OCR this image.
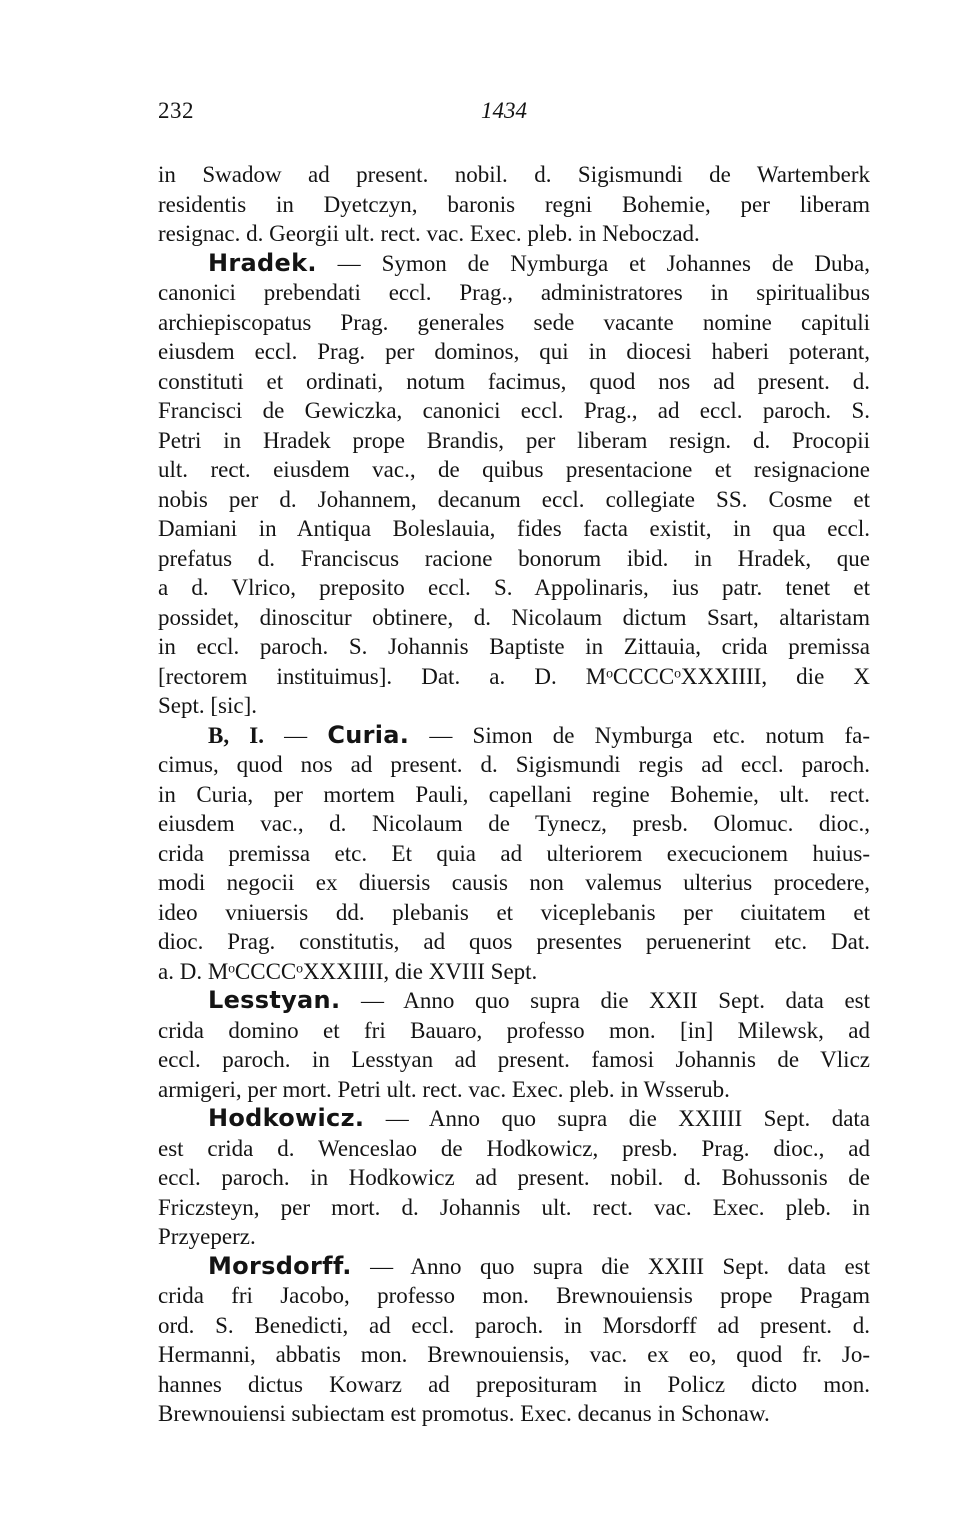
232	1434
in Swadow ad present. nobil. d. Sigismundi de Wartemberk
residentis in Dyetczyn, baronis regni Bohemie, per liberam
resignac. d. Georgii ult. rect. vac. Exec. pleb. in Neboczad.
Hradek. — Symon de Nymburga et Johannes de Duba,
canonici prebendati eccl. Prag., administratores in spiritualibus
archiepiscopatus Prag. generales sede vacante nomine capituli
eiusdem eccl. Prag. per dominos, qui in diocesi haberi poterant,
constituti et ordinati, notum facimus, quod nos ad present. d.
Francisci de Gewiczka, canonici eccl. Prag., ad eccl. paroch. S.
Petri in Hradek prope Brandis, per liberam resign. d. Procopii
ult. rect. eiusdem vac., de quibus presentacione et resignacione
nobis per d. Johannem, decanum eccl. collegiate SS. Cosme et
Damiani in Antiqua Boleslauia, fides facta existit, in qua eccl.
prefatus d. Franciscus racione bonorum ibid. in Hradek, que
a d. Vlrico, preposito eccl. S. Appolinaris, ius patr. tenet et
possidet, dinoscitur obtinere, d. Nicolaum dictum Ssart, altaristam
in eccl. paroch. S. Johannis Baptiste in Zittauia, crida premissa
[rectorem instituimus]. Dat. a. D. MᵒCCCCᵒXXXIIII, die X
Sept. [sic].
B, I. — Curia. — Simon de Nymburga etc. notum fa-
cimus, quod nos ad present. d. Sigismundi regis ad eccl. paroch.
in Curia, per mortem Pauli, capellani regine Bohemie, ult. rect.
eiusdem vac., d. Nicolaum de Tynecz, presb. Olomuc. dioc.,
crida premissa etc. Et quia ad ulteriorem execucionem huius-
modi negocii ex diuersis causis non valemus ulterius procedere,
ideo vniuersis dd. plebanis et viceplebanis per ciuitatem et
dioc. Prag. constitutis, ad quos presentes peruenerint etc. Dat.
a. D. MᵒCCCCᵒXXXIIII, die XVIII Sept.
Lesstyan. — Anno quo supra die XXII Sept. data est
crida domino et fri Bauaro, professo mon. [in] Milewsk, ad
eccl. paroch. in Lesstyan ad present. famosi Johannis de Vlicz
armigeri, per mort. Petri ult. rect. vac. Exec. pleb. in Wsserub.
Hodkowicz. — Anno quo supra die XXIIII Sept. data
est crida d. Wenceslao de Hodkowicz, presb. Prag. dioc., ad
eccl. paroch. in Hodkowicz ad present. nobil. d. Bohussonis de
Friczsteyn, per mort. d. Johannis ult. rect. vac. Exec. pleb. in
Przyeperz.
Morsdorff. — Anno quo supra die XXIII Sept. data est
crida fri Jacobo, professo mon. Brewnouiensis prope Pragam
ord. S. Benedicti, ad eccl. paroch. in Morsdorff ad present. d.
Hermanni, abbatis mon. Brewnouiensis, vac. ex eo, quod fr. Jo-
hannes dictus Kowarz ad preposituram in Policz dicto mon.
Brewnouiensi subiectam est promotus. Exec. decanus in Schonaw.
